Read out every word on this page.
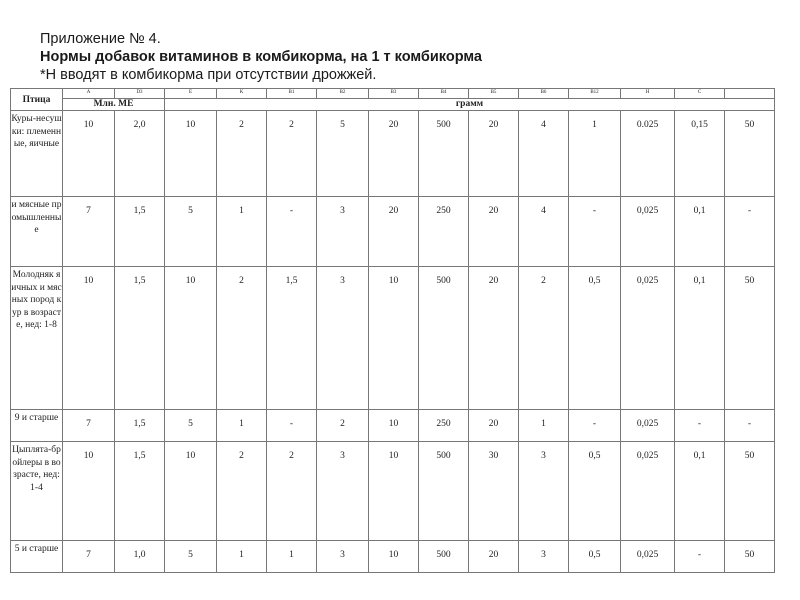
Приложение № 4.
Нормы добавок витаминов в комбикорма, на 1 т комбикорма
*Н вводят в комбикорма при отсутствии дрожжей.
Птица	A	D3	E	K	B1	B2	B3	B4	B5	B6	B12	H	C	
	Млн. МЕ		грамм											
Куры-несушки: племенные, яичные	10	2,0	10	2	2	5	20	500	20	4	1	0.025	0,15	50
и мясные промышленные	7	1,5	5	1	-	3	20	250	20	4	-	0,025	0,1	-
Молодняк яичных и мясных пород кур в возрасте, нед: 1-8	10	1,5	10	2	1,5	3	10	500	20	2	0,5	0,025	0,1	50
9 и старше	7	1,5	5	1	-	2	10	250	20	1	-	0,025	-	-
Цыплята-бройлеры в возрасте, нед: 1-4	10	1,5	10	2	2	3	10	500	30	3	0,5	0,025	0,1	50
5 и старше	7	1,0	5	1	1	3	10	500	20	3	0,5	0,025	-	50
